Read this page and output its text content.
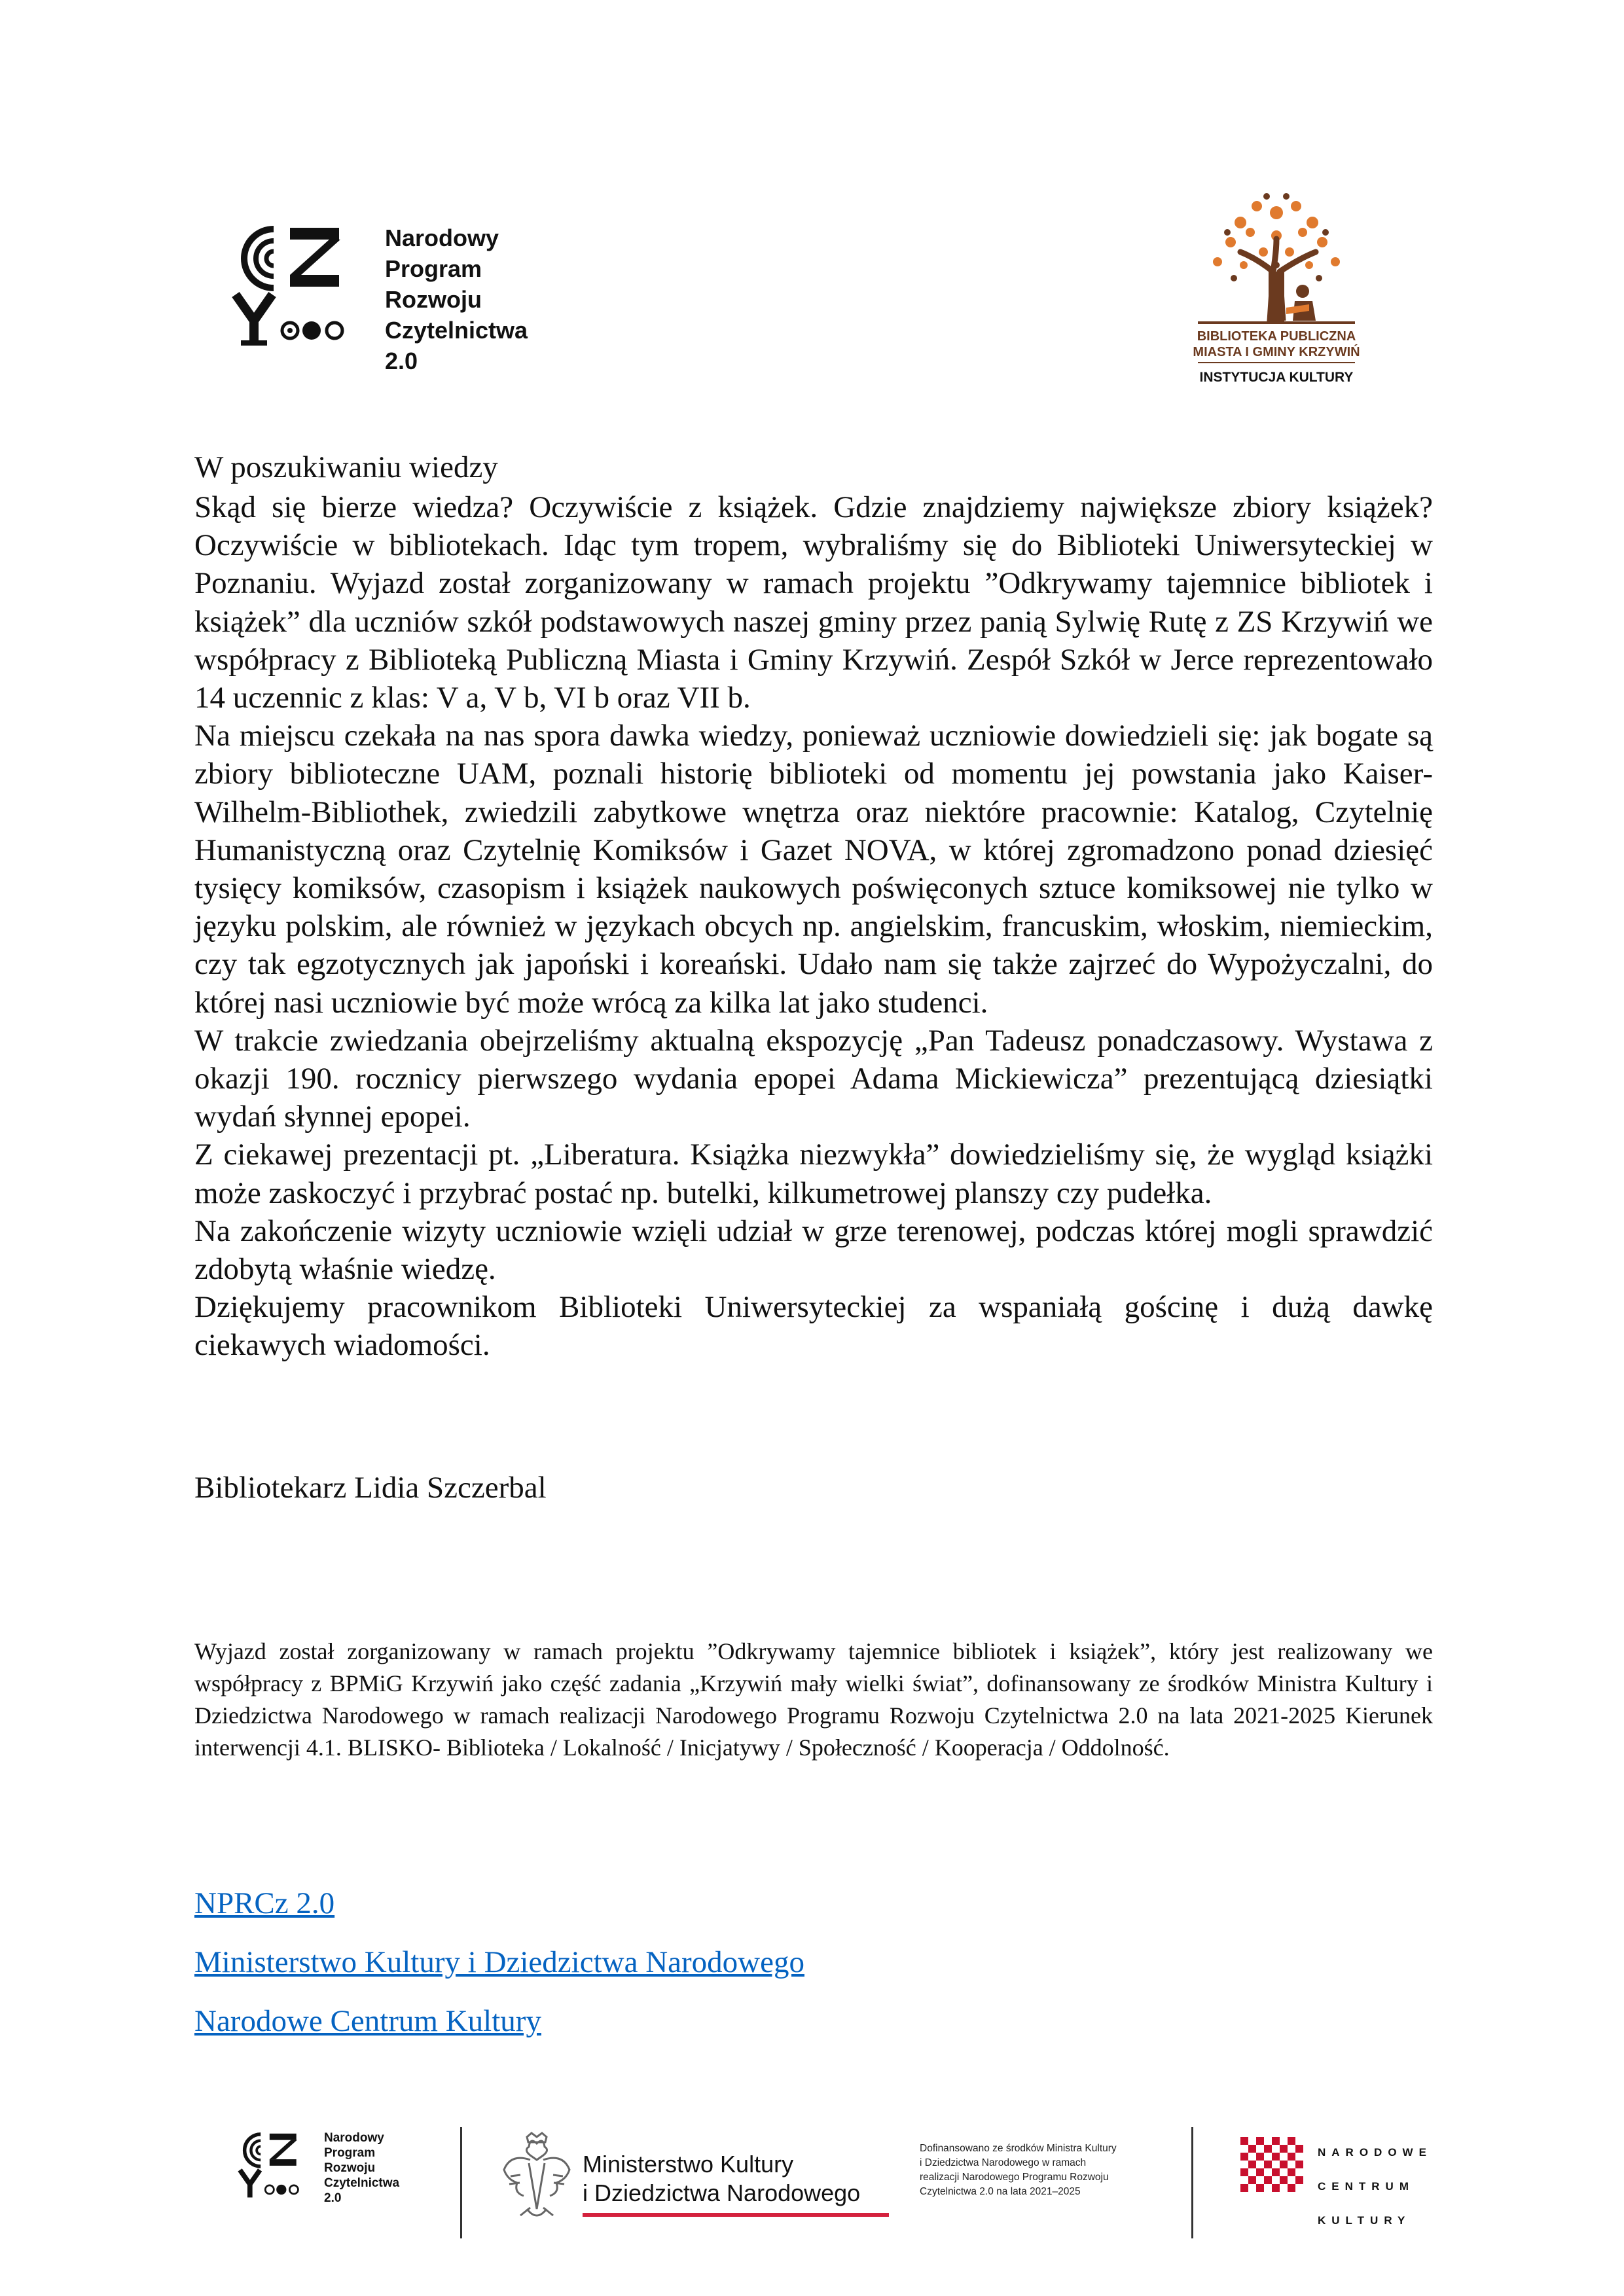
Narodowy
Program
Rozwoju
Czytelnictwa
2.0
BIBLIOTEKA PUBLICZNA
MIASTA I GMINY KRZYWIŃ
INSTYTUCJA KULTURY
W poszukiwaniu wiedzy

Skąd się bierze wiedza? Oczywiście z książek. Gdzie znajdziemy największe zbiory książek? Oczywiście w bibliotekach. Idąc tym tropem, wybraliśmy się do Biblioteki Uniwersyteckiej w Poznaniu. Wyjazd został zorganizowany w ramach projektu ”Odkrywamy tajemnice bibliotek i książek” dla uczniów szkół podstawowych naszej gminy przez panią Sylwię Rutę z ZS Krzywiń we współpracy z Biblioteką Publiczną Miasta i Gminy Krzywiń. Zespół Szkół w Jerce reprezentowało 14 uczennic z klas: V a, V b, VI b oraz VII b.

Na miejscu czekała na nas spora dawka wiedzy, ponieważ uczniowie dowiedzieli się: jak bogate są zbiory biblioteczne UAM, poznali historię biblioteki od momentu jej powstania jako Kaiser-Wilhelm-Bibliothek, zwiedzili zabytkowe wnętrza oraz niektóre pracownie: Katalog, Czytelnię Humanistyczną oraz Czytelnię Komiksów i Gazet NOVA, w której zgromadzono ponad dziesięć tysięcy komiksów, czasopism i książek naukowych poświęconych sztuce komiksowej nie tylko w języku polskim, ale również w językach obcych np. angielskim, francuskim, włoskim, niemieckim, czy tak egzotycznych jak japoński i koreański. Udało nam się także zajrzeć do Wypożyczalni, do której nasi uczniowie być może wrócą za kilka lat jako studenci.

W trakcie zwiedzania obejrzeliśmy aktualną ekspozycję „Pan Tadeusz ponadczasowy. Wystawa z okazji 190. rocznicy pierwszego wydania epopei Adama Mickiewicza” prezentującą dziesiątki wydań słynnej epopei.

Z ciekawej prezentacji pt. „Liberatura. Książka niezwykła” dowiedzieliśmy się, że wygląd książki może zaskoczyć i przybrać postać np. butelki, kilkumetrowej planszy czy pudełka.

Na zakończenie wizyty uczniowie wzięli udział w grze terenowej, podczas której mogli sprawdzić zdobytą właśnie wiedzę.

Dziękujemy pracownikom Biblioteki Uniwersyteckiej za wspaniałą gościnę i dużą dawkę ciekawych wiadomości.

Bibliotekarz Lidia Szczerbal
Wyjazd został zorganizowany w ramach projektu ”Odkrywamy tajemnice bibliotek i książek”, który jest realizowany we współpracy z BPMiG Krzywiń jako część zadania „Krzywiń mały wielki świat”, dofinansowany ze środków Ministra Kultury i Dziedzictwa Narodowego w ramach realizacji Narodowego Programu Rozwoju Czytelnictwa 2.0 na lata 2021-2025 Kierunek interwencji 4.1. BLISKO- Biblioteka / Lokalność / Inicjatywy / Społeczność / Kooperacja / Oddolność.
NPRCz 2.0
Ministerstwo Kultury i Dziedzictwa Narodowego
Narodowe Centrum Kultury
Narodowy
Program
Rozwoju
Czytelnictwa
2.0
Ministerstwo Kultury
i Dziedzictwa Narodowego
Dofinansowano ze środków Ministra Kultury
i Dziedzictwa Narodowego w ramach
realizacji Narodowego Programu Rozwoju
Czytelnictwa 2.0 na lata 2021–2025
NARODOWE
CENTRUM
KULTURY
